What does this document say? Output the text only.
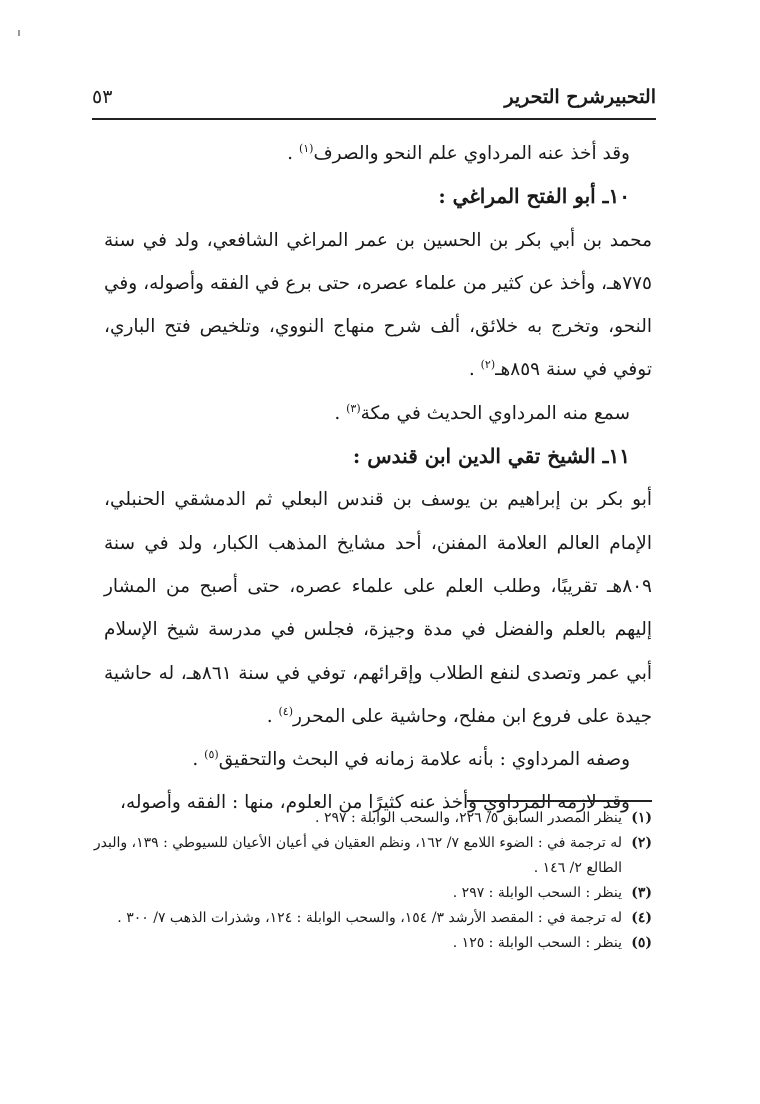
التحبيرشرح التحرير
٥٣

وقد أخذ عنه المرداوي علم النحو والصرف$^{(١)}$ .

١٠ـ أبو الفتح المراغي :

محمد بن أبي بكر بن الحسين بن عمر المراغي الشافعي، ولد في سنة ٧٧٥هـ، وأخذ عن كثير من علماء عصره، حتى برع في الفقه وأصوله، وفي النحو، وتخرج به خلائق، ألف شرح منهاج النووي، وتلخيص فتح الباري، توفي في سنة ٨٥٩هـ$^{(٢)}$ .

سمع منه المرداوي الحديث في مكة$^{(٣)}$ .

١١ـ الشيخ تقي الدين ابن قندس :

أبو بكر بن إبراهيم بن يوسف بن قندس البعلي ثم الدمشقي الحنبلي، الإمام العالم العلامة المفنن، أحد مشايخ المذهب الكبار، ولد في سنة ٨٠٩هـ تقريبًا، وطلب العلم على علماء عصره، حتى أصبح من المشار إليهم بالعلم والفضل في مدة وجيزة، فجلس في مدرسة شيخ الإسلام أبي عمر وتصدى لنفع الطلاب وإقرائهم، توفي في سنة ٨٦١هـ، له حاشية جيدة على فروع ابن مفلح، وحاشية على المحرر$^{(٤)}$ .

وصفه المرداوي : بأنه علامة زمانه في البحث والتحقيق$^{(٥)}$ .

وقد لازمه المرداوي وأخذ عنه كثيرًا من العلوم، منها : الفقه وأصوله،

(١)
ينظر المصدر السابق ٥/ ٢٢٦، والسحب الوابلة : ٢٩٧ .
(٢)
له ترجمة في : الضوء اللامع ٧/ ١٦٢، ونظم العقيان في أعيان الأعيان للسيوطي : ١٣٩، والبدر الطالع ٢/ ١٤٦ .
(٣)
ينظر : السحب الوابلة : ٢٩٧ .
(٤)
له ترجمة في : المقصد الأرشد ٣/ ١٥٤، والسحب الوابلة : ١٢٤، وشذرات الذهب ٧/ ٣٠٠ .
(٥)
ينظر : السحب الوابلة : ١٢٥ .
